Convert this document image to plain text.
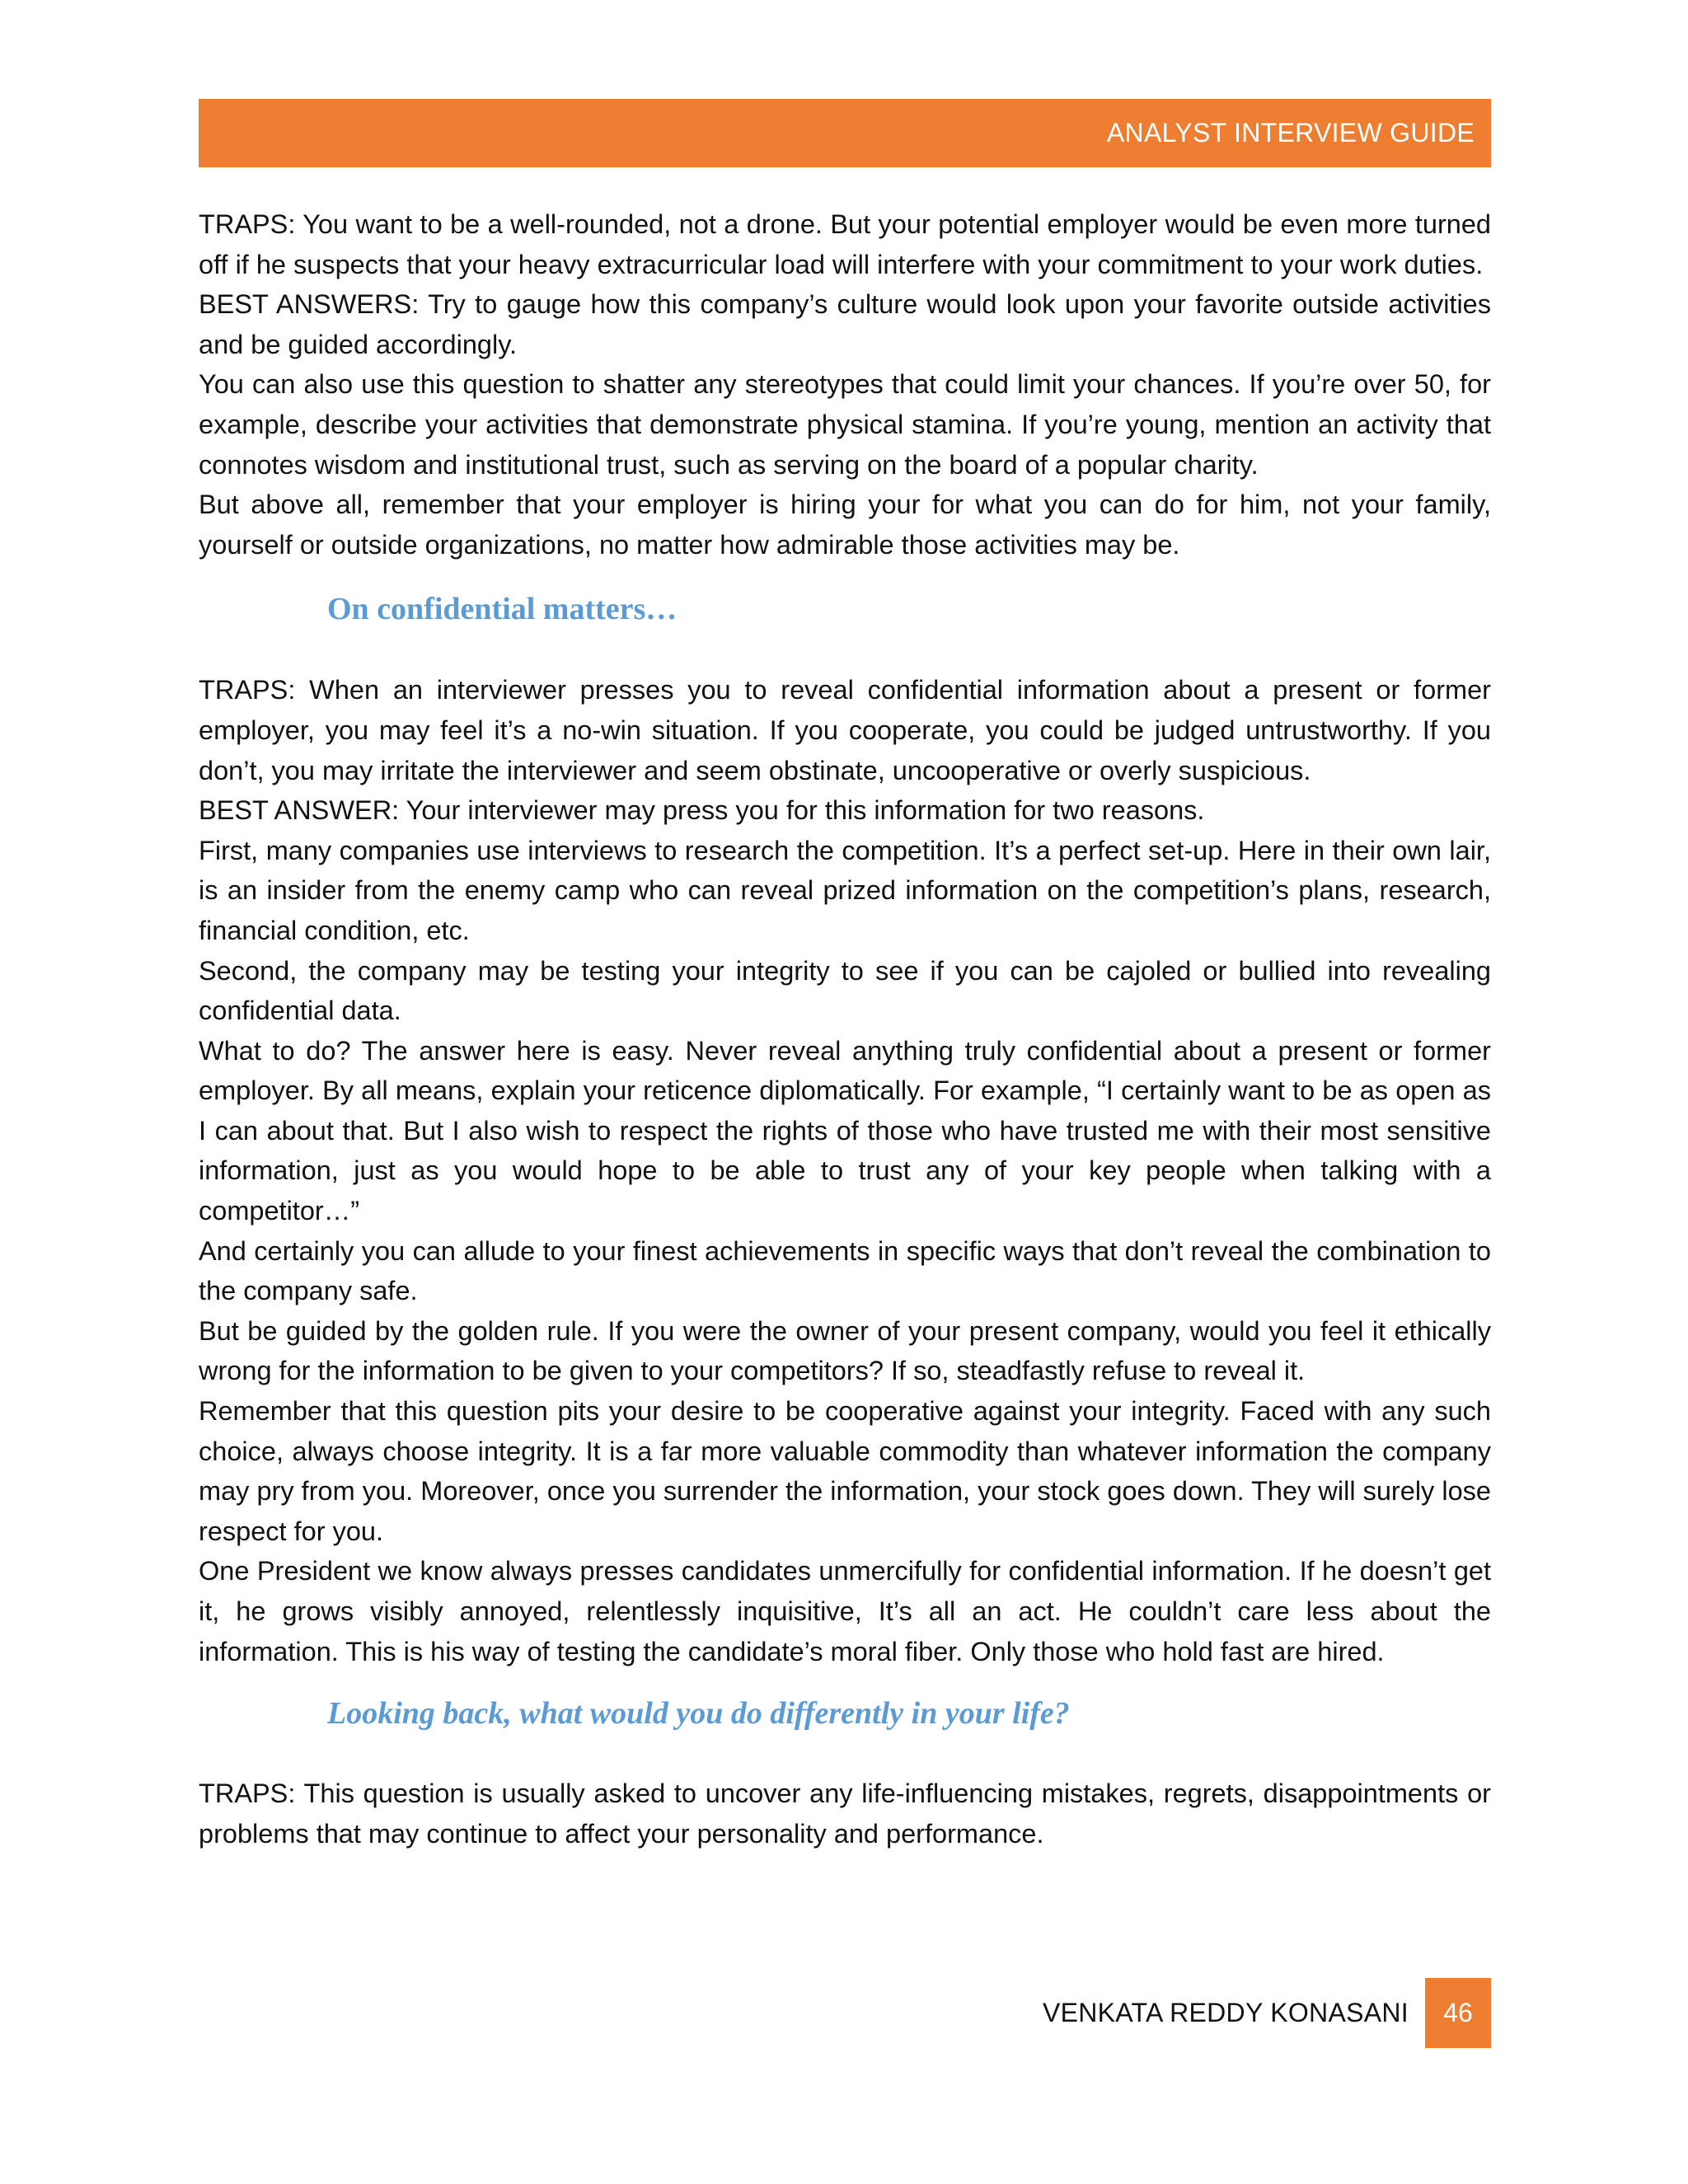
ANALYST INTERVIEW GUIDE

TRAPS: You want to be a well-rounded, not a drone. But your potential employer would be even more turned off if he suspects that your heavy extracurricular load will interfere with your commitment to your work duties.

BEST ANSWERS: Try to gauge how this company’s culture would look upon your favorite outside activities and be guided accordingly.

You can also use this question to shatter any stereotypes that could limit your chances. If you’re over 50, for example, describe your activities that demonstrate physical stamina. If you’re young, mention an activity that connotes wisdom and institutional trust, such as serving on the board of a popular charity.

But above all, remember that your employer is hiring your for what you can do for him, not your family, yourself or outside organizations, no matter how admirable those activities may be.

On confidential matters…

TRAPS: When an interviewer presses you to reveal confidential information about a present or former employer, you may feel it’s a no-win situation. If you cooperate, you could be judged untrustworthy. If you don’t, you may irritate the interviewer and seem obstinate, uncooperative or overly suspicious.

BEST ANSWER: Your interviewer may press you for this information for two reasons.

First, many companies use interviews to research the competition. It’s a perfect set-up. Here in their own lair, is an insider from the enemy camp who can reveal prized information on the competition’s plans, research, financial condition, etc.

Second, the company may be testing your integrity to see if you can be cajoled or bullied into revealing confidential data.

What to do? The answer here is easy. Never reveal anything truly confidential about a present or former employer. By all means, explain your reticence diplomatically. For example, “I certainly want to be as open as I can about that. But I also wish to respect the rights of those who have trusted me with their most sensitive information, just as you would hope to be able to trust any of your key people when talking with a competitor…”

And certainly you can allude to your finest achievements in specific ways that don’t reveal the combination to the company safe.

But be guided by the golden rule. If you were the owner of your present company, would you feel it ethically wrong for the information to be given to your competitors? If so, steadfastly refuse to reveal it.

Remember that this question pits your desire to be cooperative against your integrity. Faced with any such choice, always choose integrity. It is a far more valuable commodity than whatever information the company may pry from you. Moreover, once you surrender the information, your stock goes down. They will surely lose respect for you.

One President we know always presses candidates unmercifully for confidential information. If he doesn’t get it, he grows visibly annoyed, relentlessly inquisitive, It’s all an act. He couldn’t care less about the information. This is his way of testing the candidate’s moral fiber. Only those who hold fast are hired.

Looking back, what would you do differently in your life?

TRAPS: This question is usually asked to uncover any life-influencing mistakes, regrets, disappointments or problems that may continue to affect your personality and performance.

VENKATA REDDY KONASANI	46
